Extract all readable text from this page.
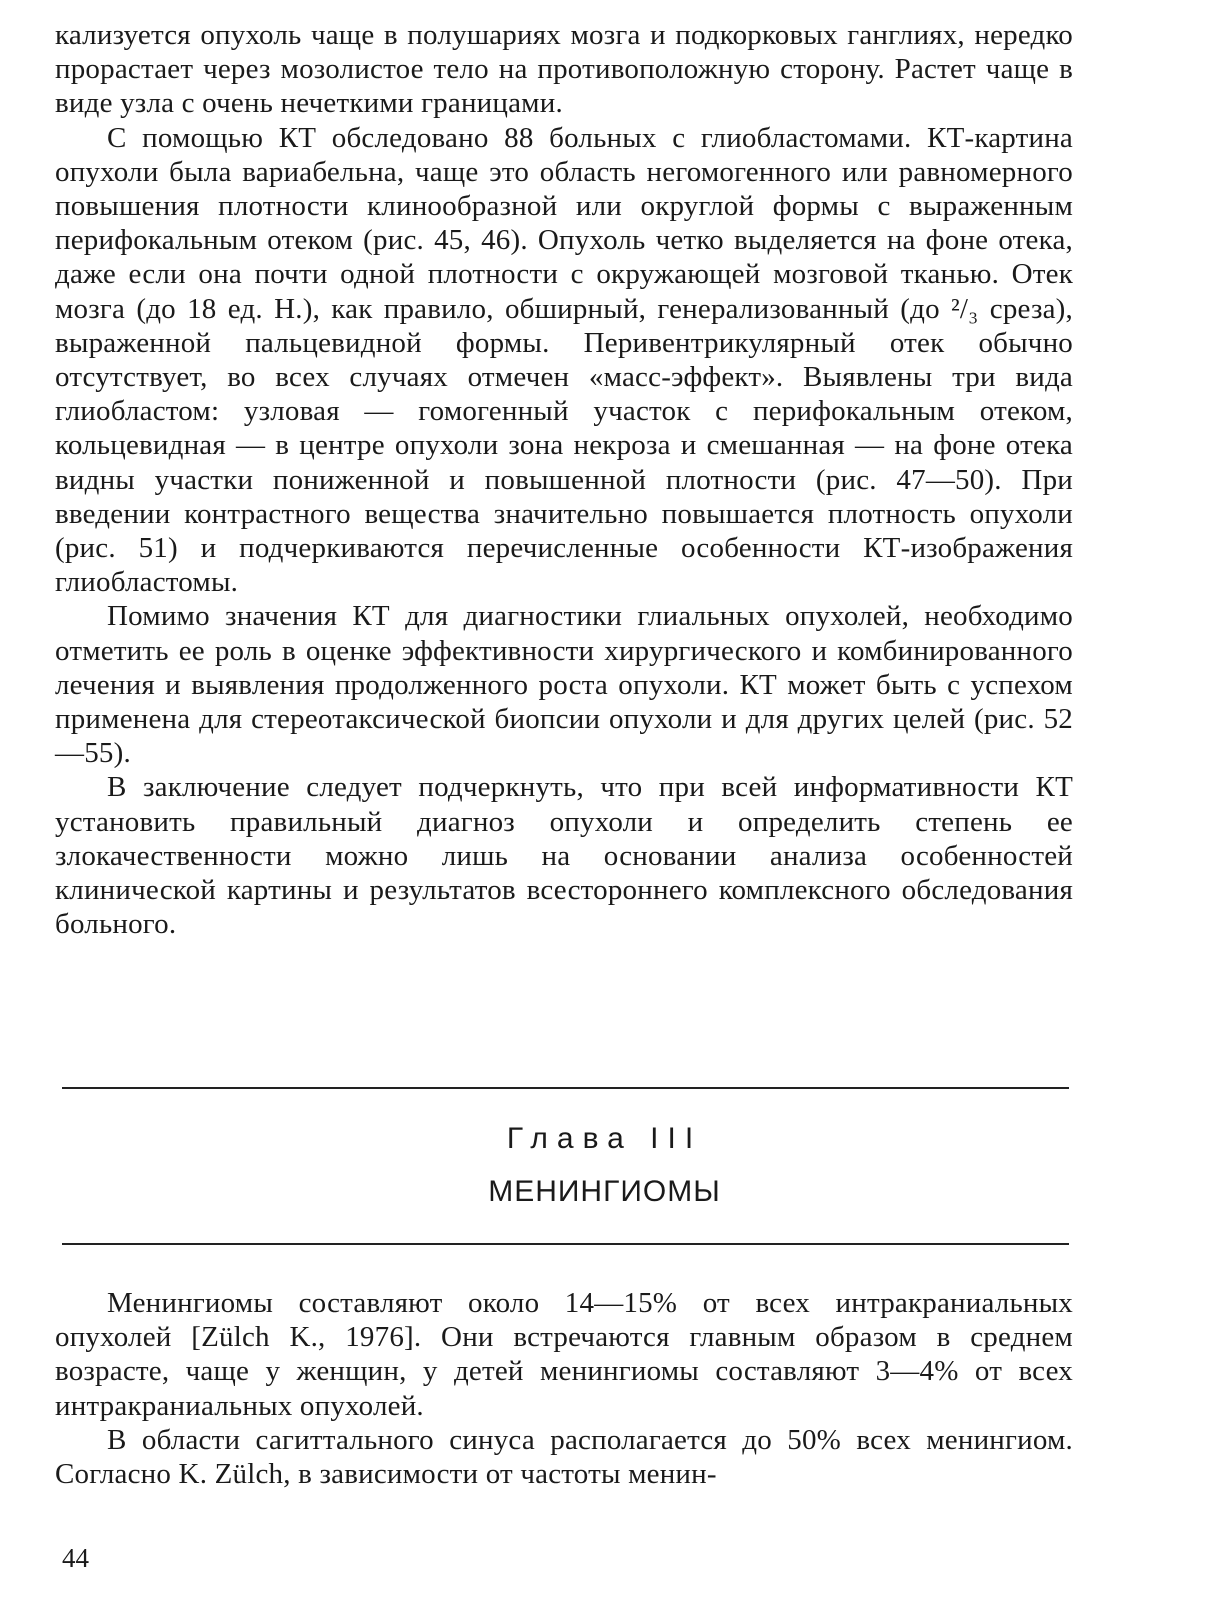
кализуется опухоль чаще в полушариях мозга и подкорковых ганглиях, нередко прорастает через мозолистое тело на противоположную сторону. Растет чаще в виде узла с очень нечеткими границами.

С помощью КТ обследовано 88 больных с глиобластомами. КТ-картина опухоли была вариабельна, чаще это область негомогенного или равномерного повышения плотности клинообразной или округлой формы с выраженным перифокальным отеком (рис. 45, 46). Опухоль четко выделяется на фоне отека, даже если она почти одной плотности с окружающей мозговой тканью. Отек мозга (до 18 ед. Н.), как правило, обширный, генерализованный (до ²/₃ среза), выраженной пальцевидной формы. Перивентрикулярный отек обычно отсутствует, во всех случаях отмечен «масс-эффект». Выявлены три вида глиобластом: узловая — гомогенный участок с перифокальным отеком, кольцевидная — в центре опухоли зона некроза и смешанная — на фоне отека видны участки пониженной и повышенной плотности (рис. 47—50). При введении контрастного вещества значительно повышается плотность опухоли (рис. 51) и подчеркиваются перечисленные особенности КТ-изображения глиобластомы.

Помимо значения КТ для диагностики глиальных опухолей, необходимо отметить ее роль в оценке эффективности хирургического и комбинированного лечения и выявления продолженного роста опухоли. КТ может быть с успехом применена для стереотаксической биопсии опухоли и для других целей (рис. 52—55).

В заключение следует подчеркнуть, что при всей информативности КТ установить правильный диагноз опухоли и определить степень ее злокачественности можно лишь на основании анализа особенностей клинической картины и результатов всестороннего комплексного обследования больного.

Глава III
МЕНИНГИОМЫ

Менингиомы составляют около 14—15% от всех интракраниальных опухолей [Zülch K., 1976]. Они встречаются главным образом в среднем возрасте, чаще у женщин, у детей менингиомы составляют 3—4% от всех интракраниальных опухолей.

В области сагиттального синуса располагается до 50% всех менингиом. Согласно K. Zülch, в зависимости от частоты менин-

44
